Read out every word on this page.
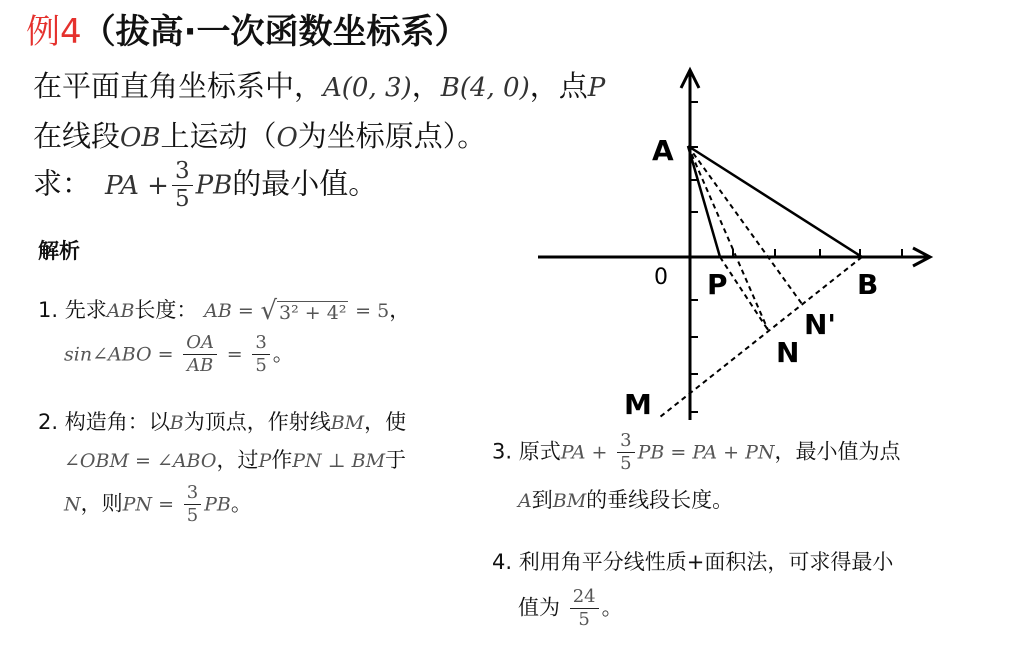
例4（拔高·一次函数坐标系）
在平面直角坐标系中，A(0, 3)，B(4, 0)，点P
在线段OB上运动（O为坐标原点）。
求： PA + $\frac{3}{5}$ PB的最小值。
解析
1. 先求AB长度： AB = √ 3² + 4² = 5，
sin∠ABO = $\frac{OA}{AB} = \frac{3}{5}$ 。
2. 构造角：以B为顶点，作射线BM，使
∠OBM = ∠ABO，过P作PN ⊥ BM于
N，则PN = $\frac{3}{5}$ PB。
3. 原式PA + $\frac{3}{5}$ PB = PA + PN，最小值为点
A到BM的垂线段长度。
4. 利用角平分线性质+面积法，可求得最小
值为 $\frac{24}{5}$ 。
A
0 P	B
N'
N
M
